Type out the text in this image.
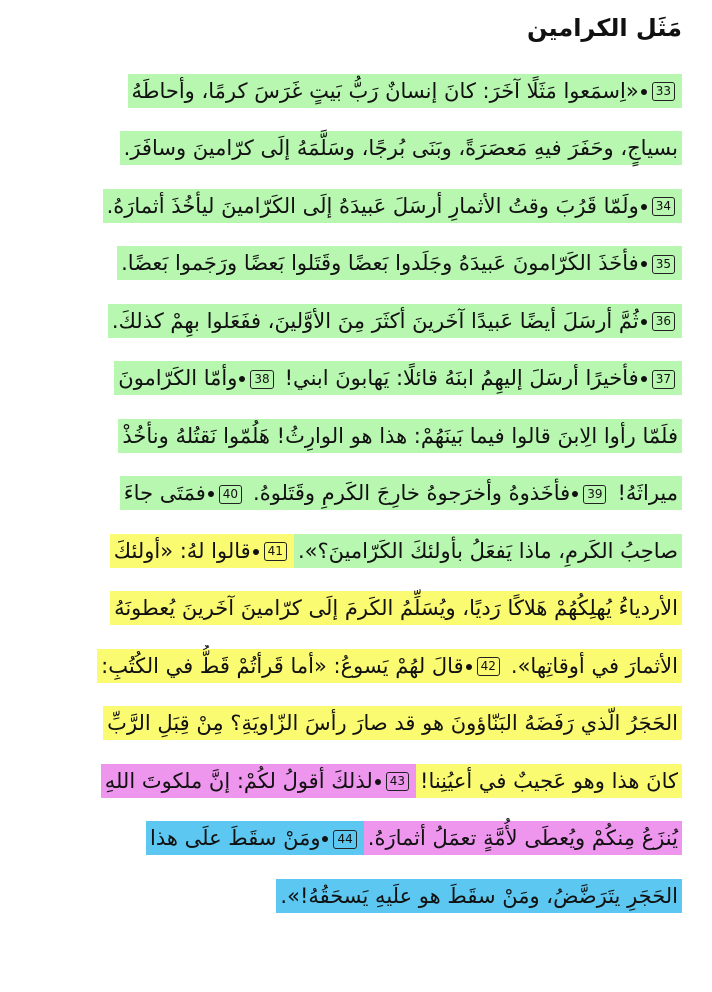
مَثَل الكرامين
33«اِسمَعوا مَثَلًا آخَرَ: كانَ إنسانٌ رَبُّ بَيتٍ غَرَسَ كرمًا، وأحاطَهُ
بسياجٍ، وحَفَرَ فيهِ مَعصَرَةً، وبَنَى بُرجًا، وسَلَّمَهُ إلَى كرّامينَ وسافَرَ.
34ولَمّا قَرُبَ وقتُ الأثمارِ أرسَلَ عَبيدَهُ إلَى الكَرّامينَ ليأخُذَ أثمارَهُ.
35فأخَذَ الكَرّامونَ عَبيدَهُ وجَلَدوا بَعضًا وقَتَلوا بَعضًا ورَجَموا بَعضًا.
36ثُمَّ أرسَلَ أيضًا عَبيدًا آخَرينَ أكثَرَ مِنَ الأوَّلينَ، ففَعَلوا بهِمْ كذلكَ.
37فأخيرًا أرسَلَ إليهِمُ ابنَهُ قائلًا: يَهابونَ ابني!38وأمّا الكَرّامونَ
فلَمّا رأوا الِابنَ قالوا فيما بَينَهُمْ: هذا هو الوارِثُ! هَلُمّوا نَقتُلهُ ونأخُذْ
ميراثَهُ!39فأخَذوهُ وأخرَجوهُ خارِجَ الكَرمِ وقَتَلوهُ.40فمَتَى جاءَ
صاحِبُ الكَرمِ، ماذا يَفعَلُ بأولئكَ الكَرّامينَ؟».41قالوا لهُ: «أولئكَ
الأردياءُ يُهلِكُهُمْ هَلاكًا رَديًا، ويُسَلِّمُ الكَرمَ إلَى كرّامينَ آخَرينَ يُعطونَهُ
الأثمارَ في أوقاتِها».42قالَ لهُمْ يَسوعُ: «أما قَرأتُمْ قَطُّ في الكُتُبِ:
الحَجَرُ الّذي رَفَضَهُ البَنّاؤونَ هو قد صارَ رأسَ الزّاويَةِ؟ مِنْ قِبَلِ الرَّبِّ
كانَ هذا وهو عَجيبٌ في أعيُنِنا!43لذلكَ أقولُ لكُمْ: إنَّ ملكوتَ اللهِ
يُنزَعُ مِنكُمْ ويُعطَى لأُمَّةٍ تعمَلُ أثمارَهُ.44ومَنْ سقَطَ علَى هذا
الحَجَرِ يتَرَضَّضُ، ومَنْ سقَطَ هو علَيهِ يَسحَقُهُ!».
